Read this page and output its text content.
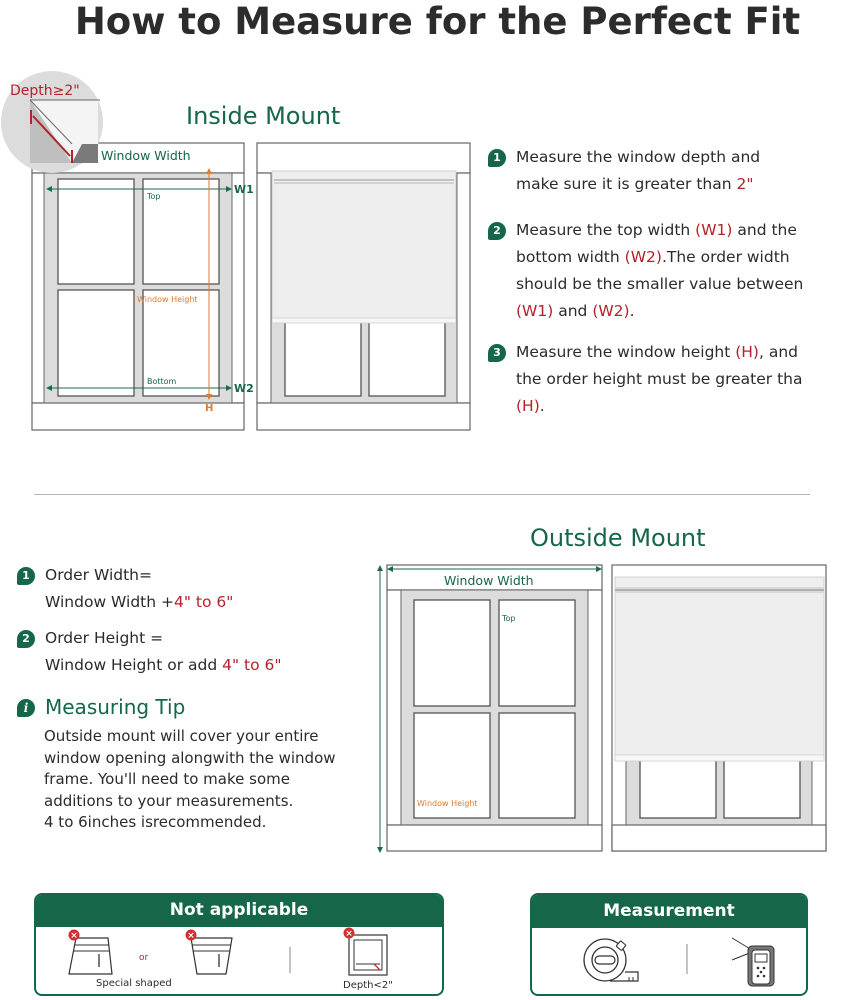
How to Measure for the Perfect Fit
Inside Mount
Depth≥2"
Window Width
Top
Bottom
Window Height
W1
W2
H
1 Measure the window depth and
make sure it is greater than 2"
2 Measure the top width (W1) and the
bottom width (W2).The order width
should be the smaller value between
(W1) and (W2).
3 Measure the window height (H), and
the order height must be greater tha
(H).
Outside Mount
1 Order Width=
Window Width +4" to 6"
2 Order Height =
Window Height or add 4" to 6"
i Measuring Tip
Outside mount will cover your entire
window opening alongwith the window
frame. You'll need to make some
additions to your measurements.
4 to 6inches isrecommended.
Window Width
Top
Window Height
Not applicable
×	×	×
or
Special shaped	Depth<2"
Measurement
